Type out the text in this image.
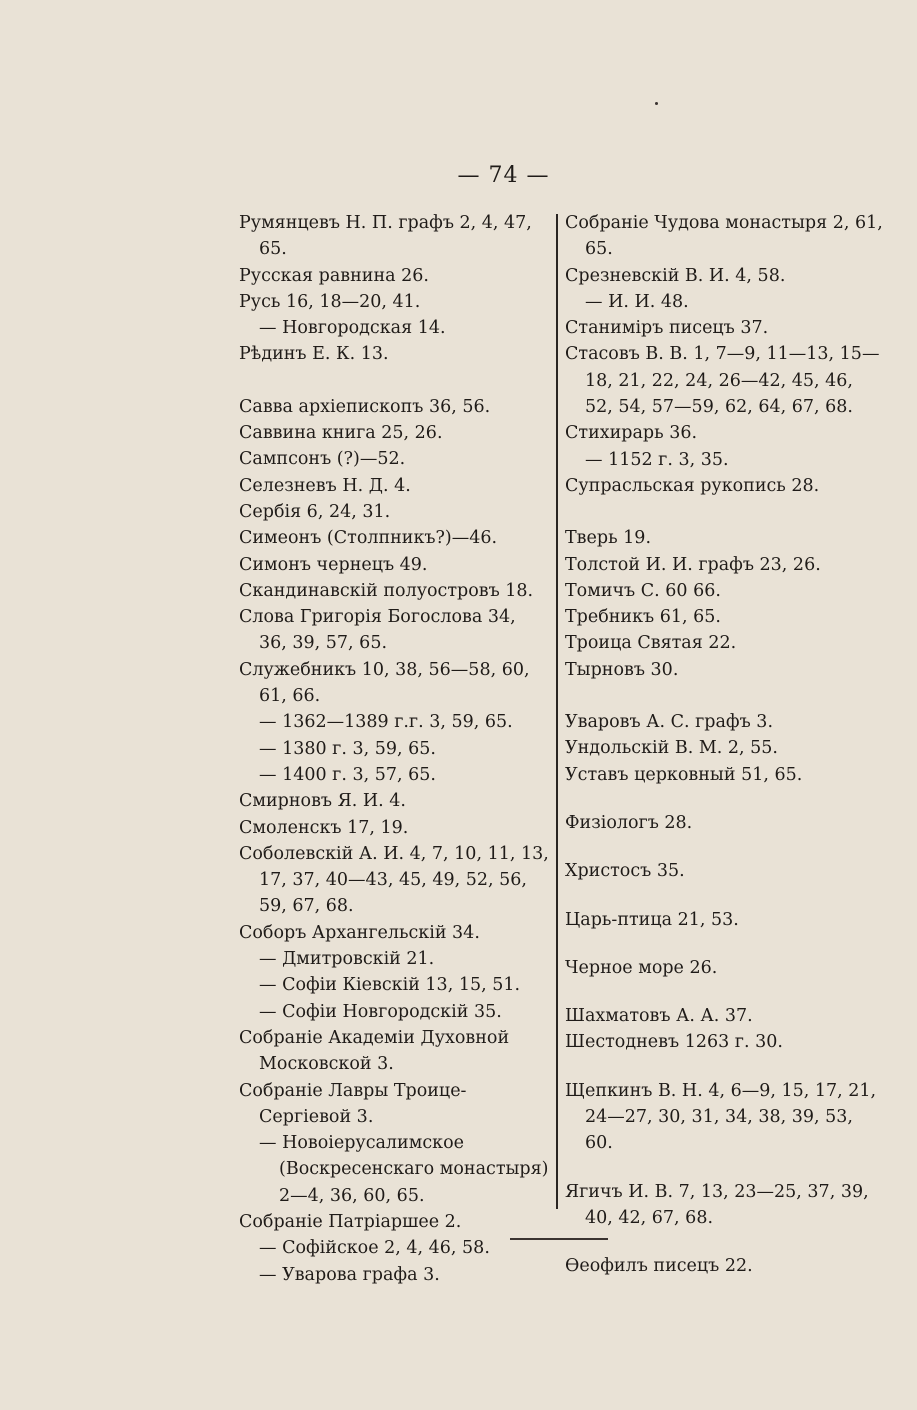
— 74 —
Румянцевъ Н. П. графъ 2, 4, 47, 65.
Русская равнина 26.
Русь 16, 18—20, 41.
— Новгородская 14.
Рѣдинъ Е. К. 13.
Савва архіепископъ 36, 56.
Саввина книга 25, 26.
Сампсонъ (?)—52.
Селезневъ Н. Д. 4.
Сербія 6, 24, 31.
Симеонъ (Столпникъ?)—46.
Симонъ чернецъ 49.
Скандинавскій полуостровъ 18.
Слова Григорія Богослова 34, 36, 39, 57, 65.
Служебникъ 10, 38, 56—58, 60, 61, 66.
— 1362—1389 г.г. 3, 59, 65.
— 1380 г. 3, 59, 65.
— 1400 г. 3, 57, 65.
Смирновъ Я. И. 4.
Смоленскъ 17, 19.
Соболевскій А. И. 4, 7, 10, 11, 13, 17, 37, 40—43, 45, 49, 52, 56, 59, 67, 68.
Соборъ Архангельскій 34.
— Дмитровскій 21.
— Софіи Кіевскій 13, 15, 51.
— Софіи Новгородскій 35.
Собраніе Академіи Духовной Московской 3.
Собраніе Лавры Троице-Сергіевой 3.
— Новоіерусалимское (Воскресенскаго монастыря) 2—4, 36, 60, 65.
Собраніе Патріаршее 2.
— Софійское 2, 4, 46, 58.
— Уварова графа 3.
Собраніе Чудова монастыря 2, 61, 65.
Срезневскій В. И. 4, 58.
— И. И. 48.
Станиміръ писецъ 37.
Стасовъ В. В. 1, 7—9, 11—13, 15—18, 21, 22, 24, 26—42, 45, 46, 52, 54, 57—59, 62, 64, 67, 68.
Стихирарь 36.
— 1152 г. 3, 35.
Супрасльская рукопись 28.
Тверь 19.
Толстой И. И. графъ 23, 26.
Томичъ С. 60 66.
Требникъ 61, 65.
Троица Святая 22.
Тырновъ 30.
Уваровъ А. С. графъ 3.
Ундольскій В. М. 2, 55.
Уставъ церковный 51, 65.
Физіологъ 28.
Христосъ 35.
Царь-птица 21, 53.
Черное море 26.
Шахматовъ А. А. 37.
Шестодневъ 1263 г. 30.
Щепкинъ В. Н. 4, 6—9, 15, 17, 21, 24—27, 30, 31, 34, 38, 39, 53, 60.
Ягичъ И. В. 7, 13, 23—25, 37, 39, 40, 42, 67, 68.
Ѳеофилъ писецъ 22.
